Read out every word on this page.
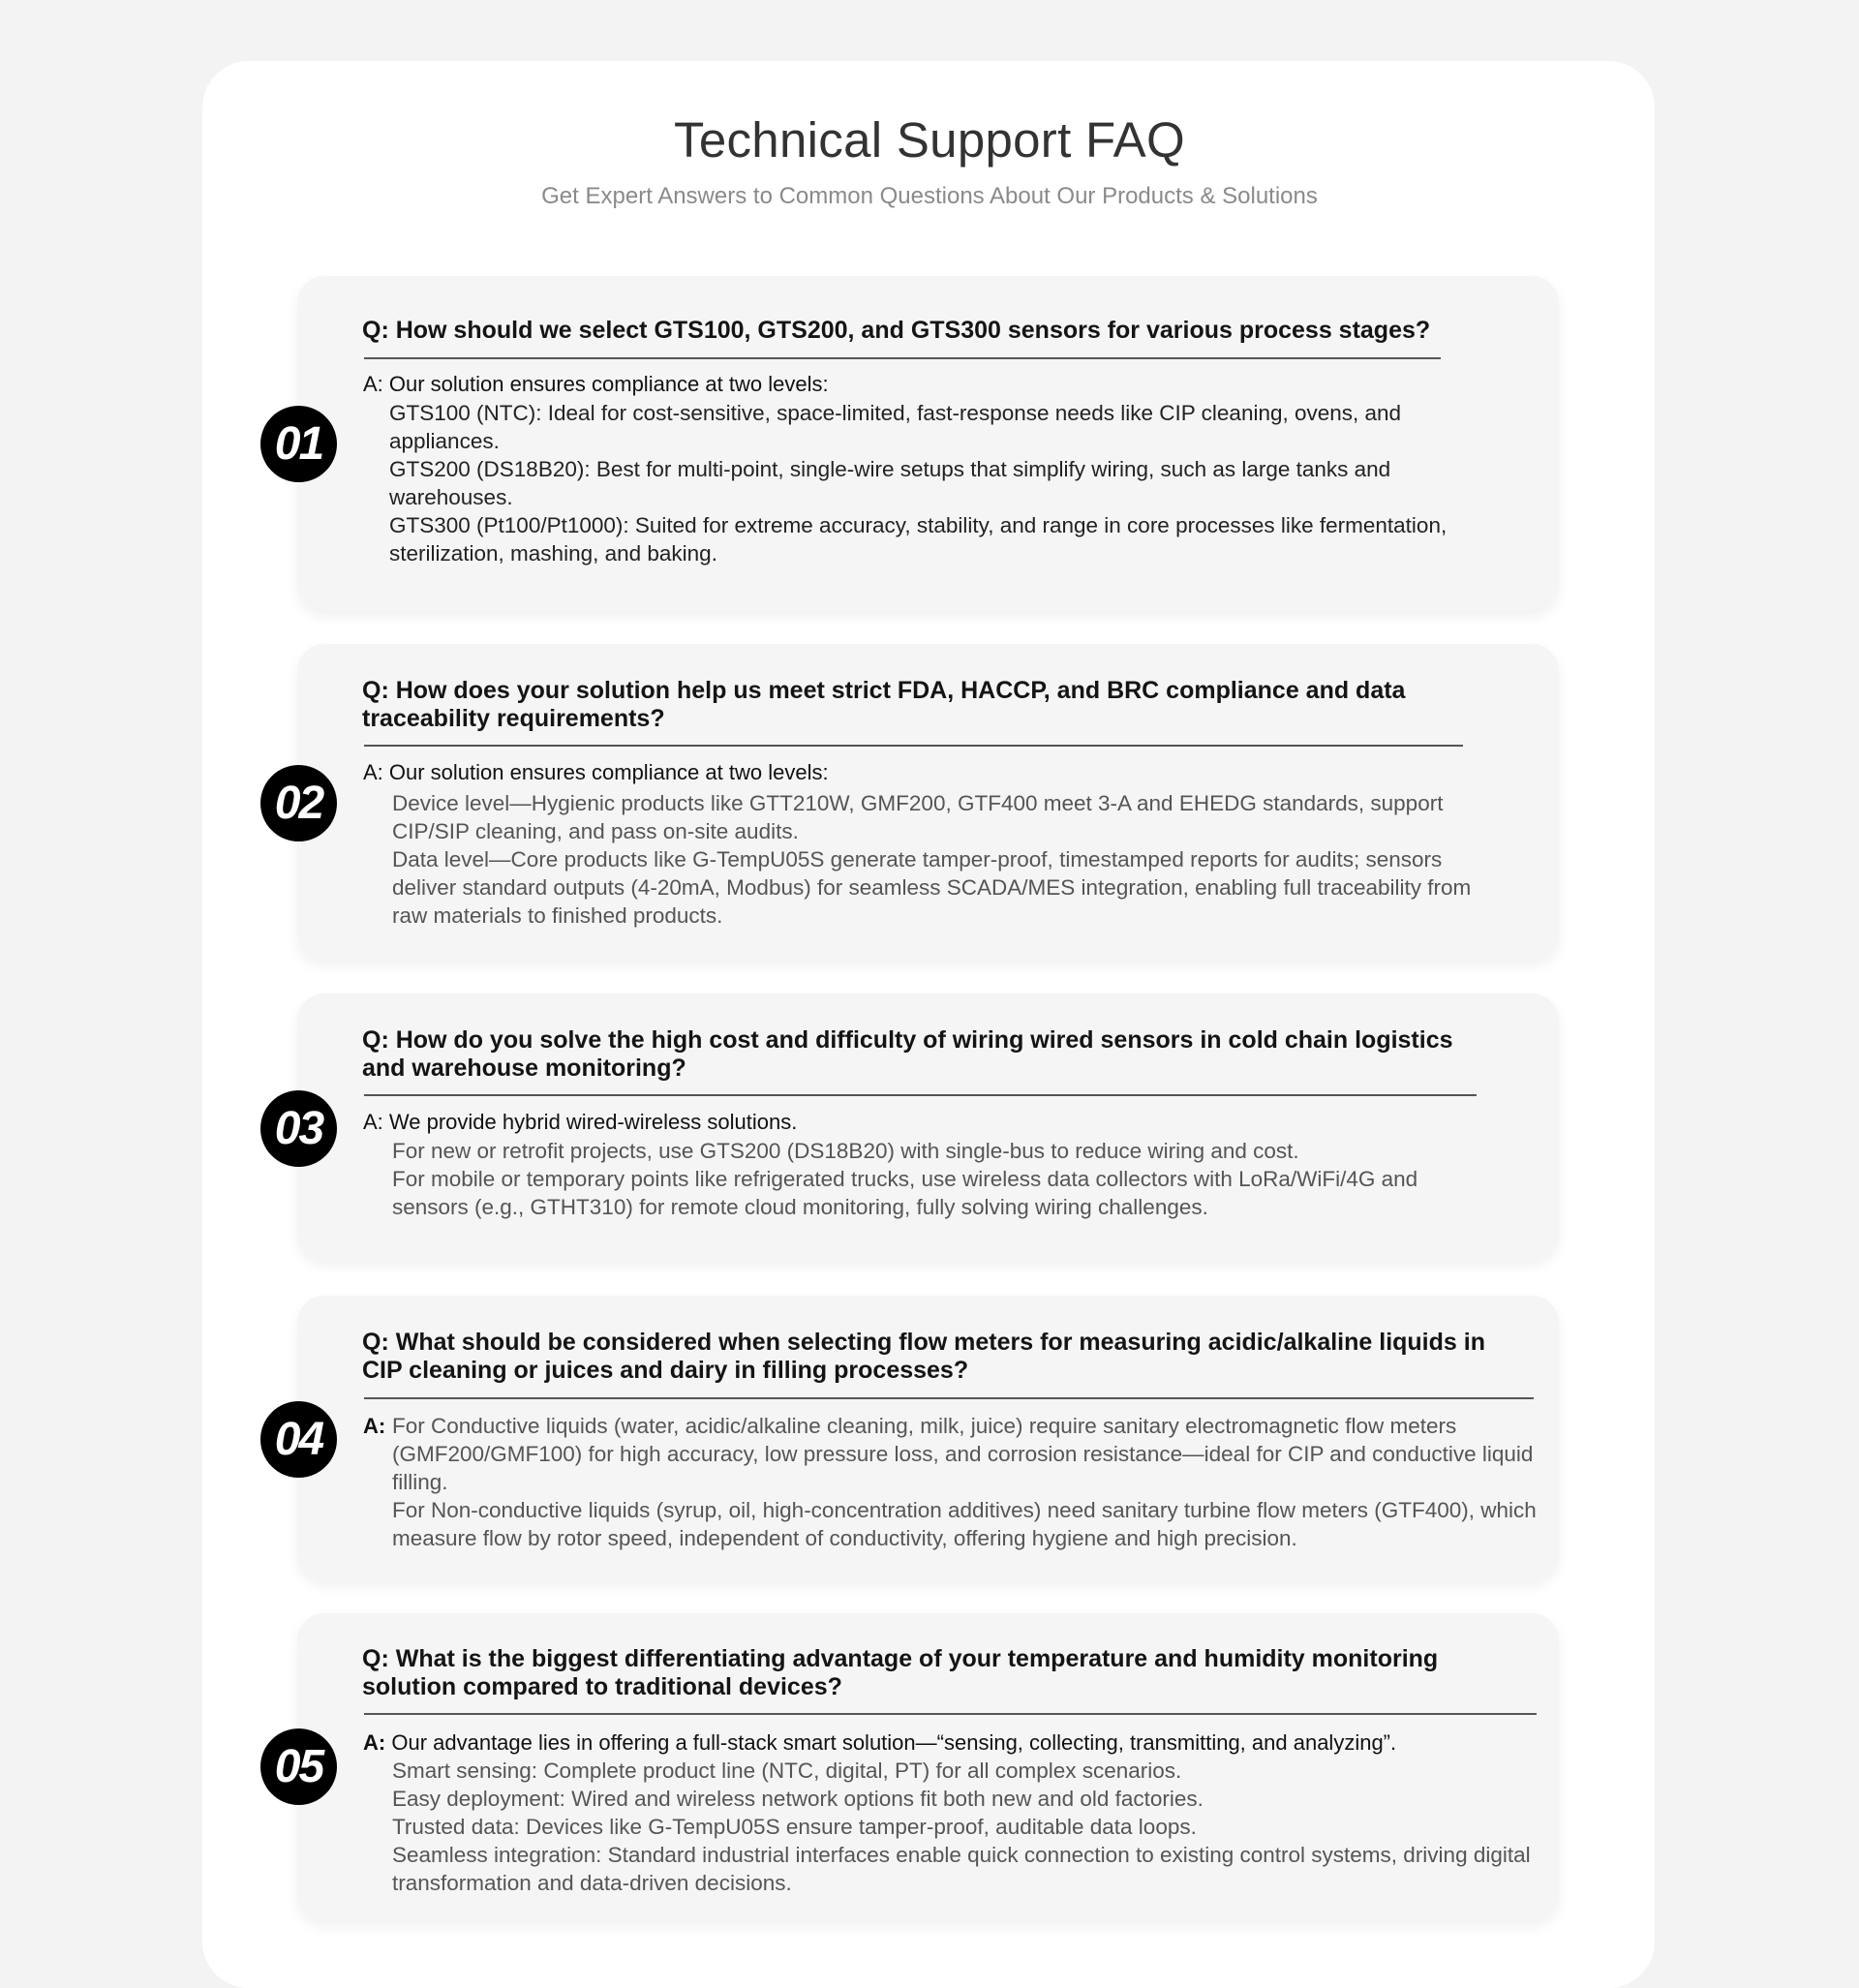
Technical Support FAQ

Get Expert Answers to Common Questions About Our Products & Solutions

01
Q: How should we select GTS100, GTS200, and GTS300 sensors for various process stages?
A: Our solution ensures compliance at two levels:

GTS100 (NTC): Ideal for cost-sensitive, space-limited, fast-response needs like CIP cleaning, ovens, and appliances.

GTS200 (DS18B20): Best for multi-point, single-wire setups that simplify wiring, such as large tanks and warehouses.

GTS300 (Pt100/Pt1000): Suited for extreme accuracy, stability, and range in core processes like fermentation, sterilization, mashing, and baking.

02
Q: How does your solution help us meet strict FDA, HACCP, and BRC compliance and data traceability requirements?
A: Our solution ensures compliance at two levels:

Device level—Hygienic products like GTT210W, GMF200, GTF400 meet 3-A and EHEDG standards, support CIP/SIP cleaning, and pass on-site audits.

Data level—Core products like G-TempU05S generate tamper-proof, timestamped reports for audits; sensors deliver standard outputs (4-20mA, Modbus) for seamless SCADA/MES integration, enabling full traceability from raw materials to finished products.

03
Q: How do you solve the high cost and difficulty of wiring wired sensors in cold chain logistics and warehouse monitoring?
A: We provide hybrid wired-wireless solutions.

For new or retrofit projects, use GTS200 (DS18B20) with single-bus to reduce wiring and cost.

For mobile or temporary points like refrigerated trucks, use wireless data collectors with LoRa/WiFi/4G and sensors (e.g., GTHT310) for remote cloud monitoring, fully solving wiring challenges.

04
Q: What should be considered when selecting flow meters for measuring acidic/alkaline liquids in CIP cleaning or juices and dairy in filling processes?
A: For Conductive liquids (water, acidic/alkaline cleaning, milk, juice) require sanitary electromagnetic flow meters (GMF200/GMF100) for high accuracy, low pressure loss, and corrosion resistance—ideal for CIP and conductive liquid filling.

For Non-conductive liquids (syrup, oil, high-concentration additives) need sanitary turbine flow meters (GTF400), which measure flow by rotor speed, independent of conductivity, offering hygiene and high precision.

05
Q: What is the biggest differentiating advantage of your temperature and humidity monitoring solution compared to traditional devices?
A: Our advantage lies in offering a full-stack smart solution—“sensing, collecting, transmitting, and analyzing”.

Smart sensing: Complete product line (NTC, digital, PT) for all complex scenarios.

Easy deployment: Wired and wireless network options fit both new and old factories.

Trusted data: Devices like G-TempU05S ensure tamper-proof, auditable data loops.

Seamless integration: Standard industrial interfaces enable quick connection to existing control systems, driving digital transformation and data-driven decisions.
